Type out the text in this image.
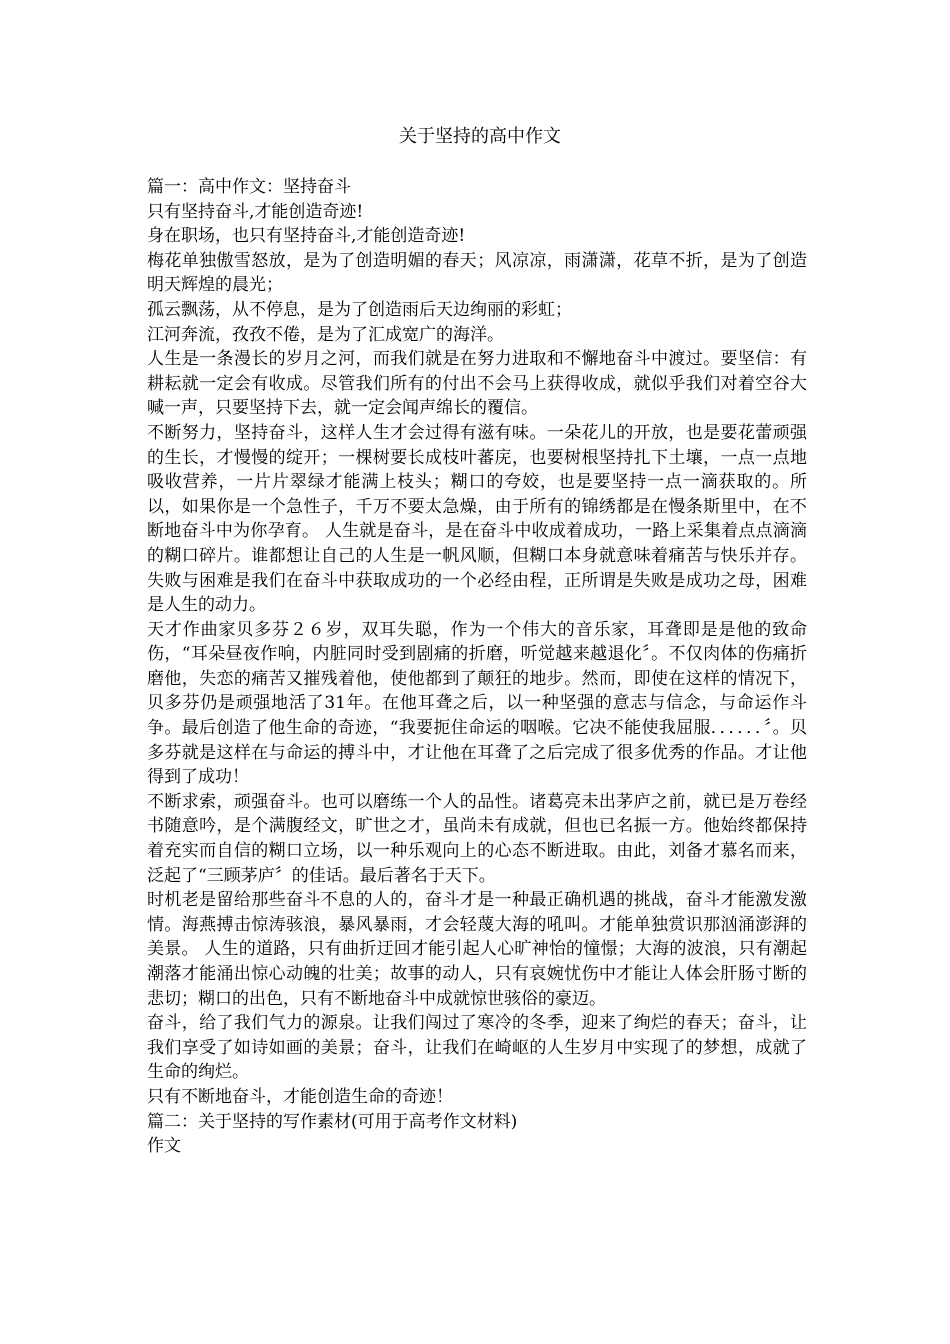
关于坚持的高中作文

篇一：高中作文：坚持奋斗

只有坚持奋斗,才能创造奇迹!

身在职场，也只有坚持奋斗,才能创造奇迹!

梅花单独傲雪怒放，是为了创造明媚的春天；风凉凉，雨潇潇，花草不折，是为了创造明天辉煌的晨光；

孤云飘荡，从不停息，是为了创造雨后天边绚丽的彩虹；

江河奔流，孜孜不倦，是为了汇成宽广的海洋。

人生是一条漫长的岁月之河，而我们就是在努力进取和不懈地奋斗中渡过。要坚信：有耕耘就一定会有收成。尽管我们所有的付出不会马上获得收成，就似乎我们对着空谷大喊一声，只要坚持下去，就一定会闻声绵长的覆信。

不断努力，坚持奋斗，这样人生才会过得有滋有味。一朵花儿的开放，也是要花蕾顽强的生长，才慢慢的绽开；一棵树要长成枝叶蕃庑，也要树根坚持扎下土壤，一点一点地吸收营养，一片片翠绿才能满上枝头；糊口的夸姣，也是要坚持一点一滴获取的。所以，如果你是一个急性子，千万不要太急燥，由于所有的锦绣都是在慢条斯里中，在不断地奋斗中为你孕育。 人生就是奋斗，是在奋斗中收成着成功，一路上采集着点点滴滴的糊口碎片。谁都想让自己的人生是一帆风顺，但糊口本身就意味着痛苦与快乐并存。失败与困难是我们在奋斗中获取成功的一个必经由程，正所谓是失败是成功之母，困难是人生的动力。

天才作曲家贝多芬２６岁，双耳失聪，作为一个伟大的音乐家，耳聋即是是他的致命伤，“耳朵昼夜作响，内脏同时受到剧痛的折磨，听觉越来越退化〞。不仅肉体的伤痛折磨他，失恋的痛苦又摧残着他，使他都到了颠狂的地步。然而，即使在这样的情况下，贝多芬仍是顽强地活了31年。在他耳聋之后，以一种坚强的意志与信念，与命运作斗争。最后创造了他生命的奇迹，“我要扼住命运的咽喉。它决不能使我屈服．．．．．．〞。贝多芬就是这样在与命运的搏斗中，才让他在耳聋了之后完成了很多优秀的作品。才让他得到了成功！

不断求索，顽强奋斗。也可以磨练一个人的品性。诸葛亮未出茅庐之前，就已是万卷经书随意吟，是个满腹经文，旷世之才，虽尚未有成就，但也已名振一方。他始终都保持着充实而自信的糊口立场，以一种乐观向上的心态不断进取。由此，刘备才慕名而来，泛起了“三顾茅庐〞的佳话。最后著名于天下。

时机老是留给那些奋斗不息的人的，奋斗才是一种最正确机遇的挑战，奋斗才能激发激情。海燕搏击惊涛骇浪，暴风暴雨，才会轻蔑大海的吼叫。才能单独赏识那汹涌澎湃的美景。 人生的道路，只有曲折迂回才能引起人心旷神怡的憧憬；大海的波浪，只有潮起潮落才能涌出惊心动魄的壮美；故事的动人，只有哀婉忧伤中才能让人体会肝肠寸断的悲切；糊口的出色，只有不断地奋斗中成就惊世骇俗的豪迈。

奋斗，给了我们气力的源泉。让我们闯过了寒冷的冬季，迎来了绚烂的春天；奋斗，让我们享受了如诗如画的美景；奋斗，让我们在崎岖的人生岁月中实现了的梦想，成就了生命的绚烂。

只有不断地奋斗，才能创造生命的奇迹！

篇二：关于坚持的写作素材(可用于高考作文材料)

作文
